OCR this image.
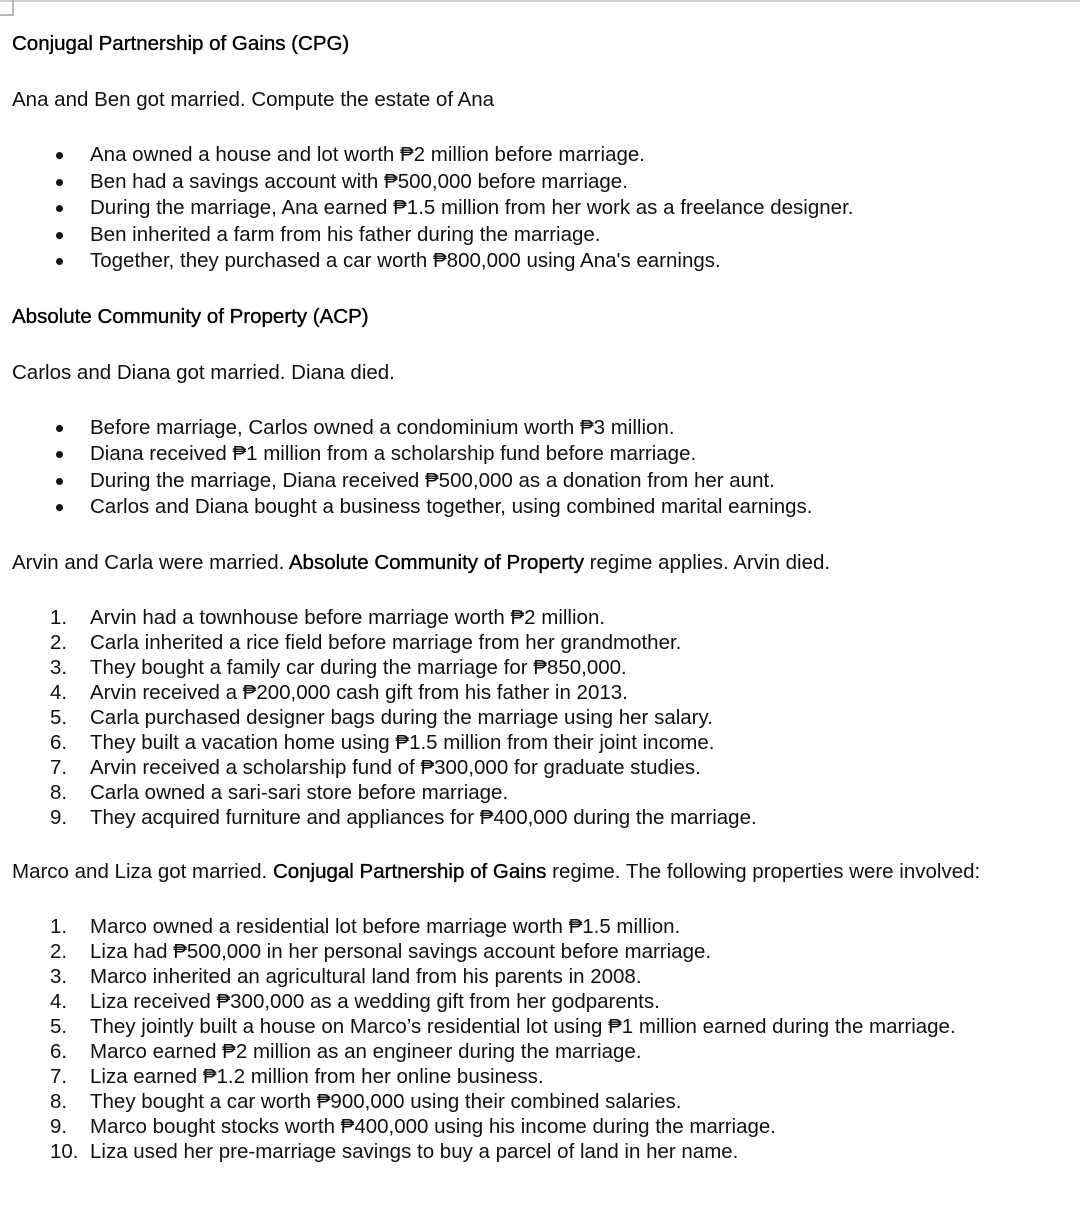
Conjugal Partnership of Gains (CPG)

Ana and Ben got married. Compute the estate of Ana

Ana owned a house and lot worth ₱2 million before marriage.
Ben had a savings account with ₱500,000 before marriage.
During the marriage, Ana earned ₱1.5 million from her work as a freelance designer.
Ben inherited a farm from his father during the marriage.
Together, they purchased a car worth ₱800,000 using Ana's earnings.

Absolute Community of Property (ACP)

Carlos and Diana got married. Diana died.

Before marriage, Carlos owned a condominium worth ₱3 million.
Diana received ₱1 million from a scholarship fund before marriage.
During the marriage, Diana received ₱500,000 as a donation from her aunt.
Carlos and Diana bought a business together, using combined marital earnings.

Arvin and Carla were married. Absolute Community of Property regime applies. Arvin died.

1.	Arvin had a townhouse before marriage worth ₱2 million.
2.	Carla inherited a rice field before marriage from her grandmother.
3.	They bought a family car during the marriage for ₱850,000.
4.	Arvin received a ₱200,000 cash gift from his father in 2013.
5.	Carla purchased designer bags during the marriage using her salary.
6.	They built a vacation home using ₱1.5 million from their joint income.
7.	Arvin received a scholarship fund of ₱300,000 for graduate studies.
8.	Carla owned a sari-sari store before marriage.
9.	They acquired furniture and appliances for ₱400,000 during the marriage.

Marco and Liza got married. Conjugal Partnership of Gains regime. The following properties were involved:

1.	Marco owned a residential lot before marriage worth ₱1.5 million.
2.	Liza had ₱500,000 in her personal savings account before marriage.
3.	Marco inherited an agricultural land from his parents in 2008.
4.	Liza received ₱300,000 as a wedding gift from her godparents.
5.	They jointly built a house on Marco’s residential lot using ₱1 million earned during the marriage.
6.	Marco earned ₱2 million as an engineer during the marriage.
7.	Liza earned ₱1.2 million from her online business.
8.	They bought a car worth ₱900,000 using their combined salaries.
9.	Marco bought stocks worth ₱400,000 using his income during the marriage.
10. Liza used her pre-marriage savings to buy a parcel of land in her name.
